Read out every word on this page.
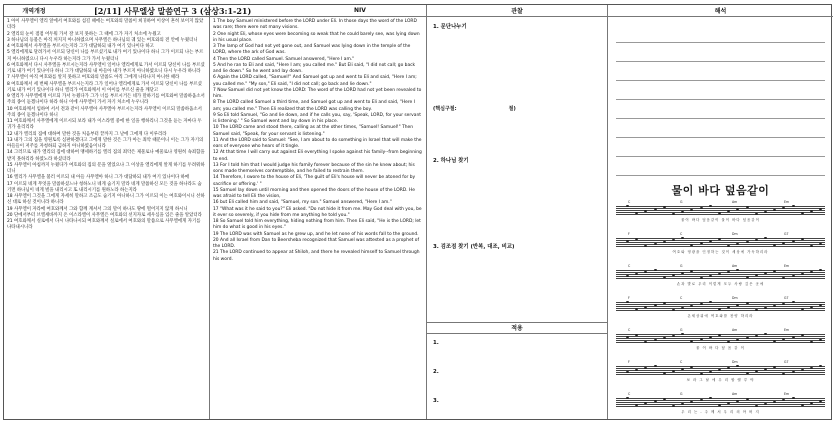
개역개정
1 아이 사무엘이 엘리 앞에서 여호와를 섬길 때에는 여호와의 말씀이 희귀하여 이상이 흔히 보이지 않았더라
2 엘리의 눈이 점점 어두워 가서 잘 보지 못하는 그 때에 그가 자기 처소에 누웠고
3 하나님의 등불은 아직 꺼지지 아니하였으며 사무엘은 하나님의 궤 있는 여호와의 전 안에 누웠더니
4 여호와께서 사무엘을 부르시는지라 그가 대답하되 내가 여기 있나이다 하고
5 엘리에게로 달려가서 이르되 당신이 나를 부르셨기로 내가 여기 있나이다 하니 그가 이르되 나는 부르지 아니하였으니 다시 누우라 하는지라 그가 가서 누웠더니
6 여호와께서 다시 사무엘을 부르시는지라 사무엘이 일어나 엘리에게로 가서 이르되 당신이 나를 부르셨기로 내가 여기 있나이다 하니 그가 대답하되 내 아들아 내가 부르지 아니하였으니 다시 누우라 하니라
7 사무엘이 아직 여호와를 알지 못하고 여호와의 말씀도 아직 그에게 나타나지 아니한 때라
8 여호와께서 세 번째 사무엘을 부르시는지라 그가 일어나 엘리에게로 가서 이르되 당신이 나를 부르셨기로 내가 여기 있나이다 하니 엘리가 여호와께서 이 아이를 부르신 줄을 깨닫고
9 엘리가 사무엘에게 이르되 가서 누웠다가 그가 너를 부르시거든 네가 말하기를 여호와여 말씀하옵소서 주의 종이 듣겠나이다 하라 하니 이에 사무엘이 가서 자기 처소에 누우니라
10 여호와께서 임하여 서서 전과 같이 사무엘아 사무엘아 부르시는지라 사무엘이 이르되 말씀하옵소서 주의 종이 듣겠나이다 하니
11 여호와께서 사무엘에게 이르시되 보라 내가 이스라엘 중에 한 일을 행하리니 그것을 듣는 자마다 두 귀가 울리리라
12 내가 엘리의 집에 대하여 말한 것을 처음부터 끝까지 그 날에 그에게 다 이루리라
13 내가 그의 집을 영원토록 심판하겠다고 그에게 말한 것은 그가 아는 죄악 때문이니 이는 그가 자기의 아들들이 저주를 자청하되 금하지 아니하였음이니라
14 그러므로 내가 엘리의 집에 대하여 맹세하기를 엘리 집의 죄악은 제물로나 예물로나 영원히 속죄함을 받지 못하리라 하였노라 하셨더라
15 사무엘이 아침까지 누웠다가 여호와의 집의 문을 열었으나 그 이상을 엘리에게 알게 하기를 두려워하더니
16 엘리가 사무엘을 불러 이르되 내 아들 사무엘아 하니 그가 대답하되 내가 여기 있나이다 하매
17 이르되 네게 무엇을 말씀하셨느냐 청하노니 네게 숨기지 말라 네게 말씀하신 모든 것을 하나라도 숨기면 하나님이 네게 벌을 내리시고 또 내리시기를 원하노라 하는지라
18 사무엘이 그것을 그에게 자세히 말하고 조금도 숨기지 아니하니 그가 이르되 이는 여호와이시니 선하신 대로 하실 것이니라 하니라
19 사무엘이 자라매 여호와께서 그와 함께 계셔서 그의 말이 하나도 땅에 떨어지지 않게 하시니
20 단에서부터 브엘세바까지 온 이스라엘이 사무엘은 여호와의 선지자로 세우심을 입은 줄을 알았더라
21 여호와께서 실로에서 다시 나타나시되 여호와께서 실로에서 여호와의 말씀으로 사무엘에게 자기를 나타내시니라
[2/11] 사무엘상 말씀연구 3 (삼상3:1-21)	NIV
1 The boy Samuel ministered before the LORD under Eli. In those days the word of the LORD was rare; there were not many visions.
2 One night Eli, whose eyes were becoming so weak that he could barely see, was lying down in his usual place.
3 The lamp of God had not yet gone out, and Samuel was lying down in the temple of the LORD, where the ark of God was.
4 Then the LORD called Samuel. Samuel answered, "Here I am."
5 And he ran to Eli and said, "Here I am; you called me." But Eli said, "I did not call; go back and lie down." So he went and lay down.
6 Again the LORD called, "Samuel!" And Samuel got up and went to Eli and said, "Here I am; you called me." "My son," Eli said, "I did not call; go back and lie down."
7 Now Samuel did not yet know the LORD: The word of the LORD had not yet been revealed to him.
8 The LORD called Samuel a third time, and Samuel got up and went to Eli and said, "Here I am; you called me." Then Eli realized that the LORD was calling the boy.
9 So Eli told Samuel, "Go and lie down, and if he calls you, say, 'Speak, LORD, for your servant is listening.' " So Samuel went and lay down in his place.
10 The LORD came and stood there, calling as at the other times, "Samuel! Samuel!" Then Samuel said, "Speak, for your servant is listening."
11 And the LORD said to Samuel: "See, I am about to do something in Israel that will make the ears of everyone who hears of it tingle.
12 At that time I will carry out against Eli everything I spoke against his family--from beginning to end.
13 For I told him that I would judge his family forever because of the sin he knew about; his sons made themselves contemptible, and he failed to restrain them.
14 Therefore, I swore to the house of Eli, 'The guilt of Eli's house will never be atoned for by sacrifice or offering.' "
15 Samuel lay down until morning and then opened the doors of the house of the LORD. He was afraid to tell Eli the vision,
16 but Eli called him and said, "Samuel, my son." Samuel answered, "Here I am."
17 "What was it he said to you?" Eli asked. "Do not hide it from me. May God deal with you, be it ever so severely, if you hide from me anything he told you."
18 So Samuel told him everything, hiding nothing from him. Then Eli said, "He is the LORD; let him do what is good in his eyes."
19 The LORD was with Samuel as he grew up, and he let none of his words fall to the ground.
20 And all Israel from Dan to Beersheba recognized that Samuel was attested as a prophet of the LORD.
21 The LORD continued to appear at Shiloh, and there he revealed himself to Samuel through his word.
관찰
1. 문단나누기
(핵심구절:	절)
2. 하나님 찾기
3. 검조점 찾기 (반복, 대조, 비교)
적용
1.
2.
3.
해석
물이 바다 덮음같이
C	G	Am	Em
물이 바다 덮음같이 물이 바다 덮음같이
F	C	Dm	G7
여호와 영광을 인정하는 것이 세상에 가득하리라
C	G	Am	Em
손과 발로 우리 이렇게 모두 사랑 깊은 곳에
F	C	Dm	G7
온세상위에 여호와를 찬양 하리라
C	G	Am	Em
물 이 바 다 덮 음 같 이
F	C	Dm	G7
보 라 그 날 에 우 리 할 렐 루 야
C	G	Am	Em
우 리 는 - 주 께 서 우 리 의 아 버 지
